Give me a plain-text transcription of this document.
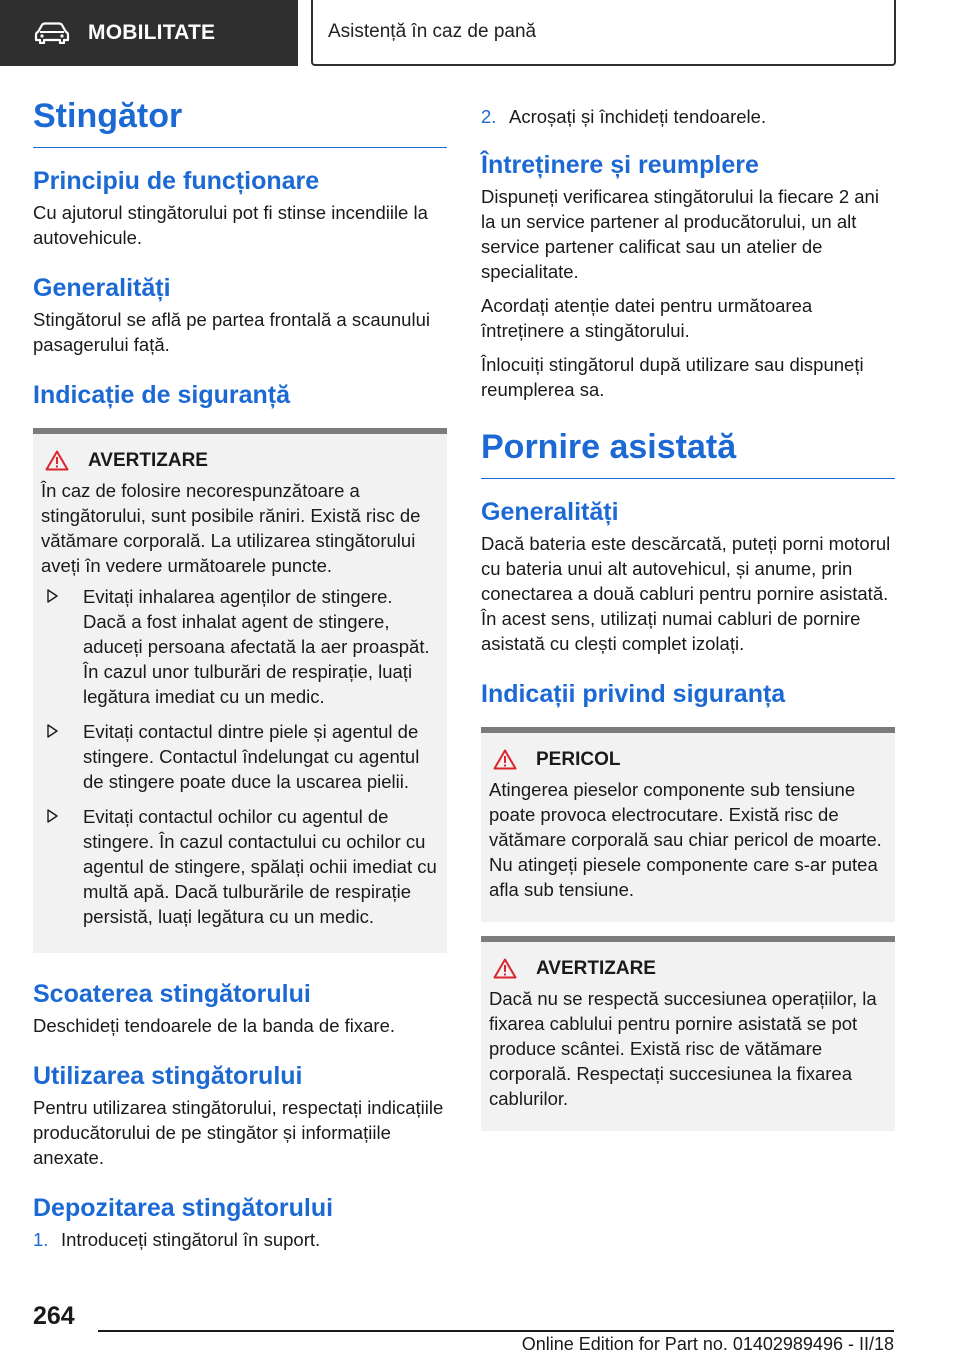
MOBILITATE	Asistență în caz de pană
Stingător
Principiu de funcționare
Cu ajutorul stingătorului pot fi stinse incendiile la autovehicule.
Generalități
Stingătorul se află pe partea frontală a scaunului pasagerului față.
Indicație de siguranță
AVERTIZARE
În caz de folosire necorespunzătoare a stingătorului, sunt posibile răniri. Există risc de vătămare corporală. La utilizarea stingătorului aveți în vedere următoarele puncte.
Evitați inhalarea agenților de stingere. Dacă a fost inhalat agent de stingere, aduceți persoana afectată la aer proaspăt. În cazul unor tulburări de respirație, luați legătura imediat cu un medic.
Evitați contactul dintre piele și agentul de stingere. Contactul îndelungat cu agentul de stingere poate duce la uscarea pielii.
Evitați contactul ochilor cu agentul de stingere. În cazul contactului cu ochilor cu agentul de stingere, spălați ochii imediat cu multă apă. Dacă tulburările de respirație persistă, luați legătura cu un medic.
Scoaterea stingătorului
Deschideți tendoarele de la banda de fixare.
Utilizarea stingătorului
Pentru utilizarea stingătorului, respectați indicațiile producătorului de pe stingător și informațiile anexate.
Depozitarea stingătorului
1. Introduceți stingătorul în suport.
2. Acroșați și închideți tendoarele.
Întreținere și reumplere
Dispuneți verificarea stingătorului la fiecare 2 ani la un service partener al producătorului, un alt service partener calificat sau un atelier de specialitate.
Acordați atenție datei pentru următoarea întreținere a stingătorului.
Înlocuiți stingătorul după utilizare sau dispuneți reumplerea sa.
Pornire asistată
Generalități
Dacă bateria este descărcată, puteți porni motorul cu bateria unui alt autovehicul, și anume, prin conectarea a două cabluri pentru pornire asistată. În acest sens, utilizați numai cabluri de pornire asistată cu clești complet izolați.
Indicații privind siguranța
PERICOL
Atingerea pieselor componente sub tensiune poate provoca electrocutare. Există risc de vătămare corporală sau chiar pericol de moarte. Nu atingeți piesele componente care s-ar putea afla sub tensiune.
AVERTIZARE
Dacă nu se respectă succesiunea operațiilor, la fixarea cablului pentru pornire asistată se pot produce scântei. Există risc de vătămare corporală. Respectați succesiunea la fixarea cablurilor.
264
Online Edition for Part no. 01402989496 - II/18
